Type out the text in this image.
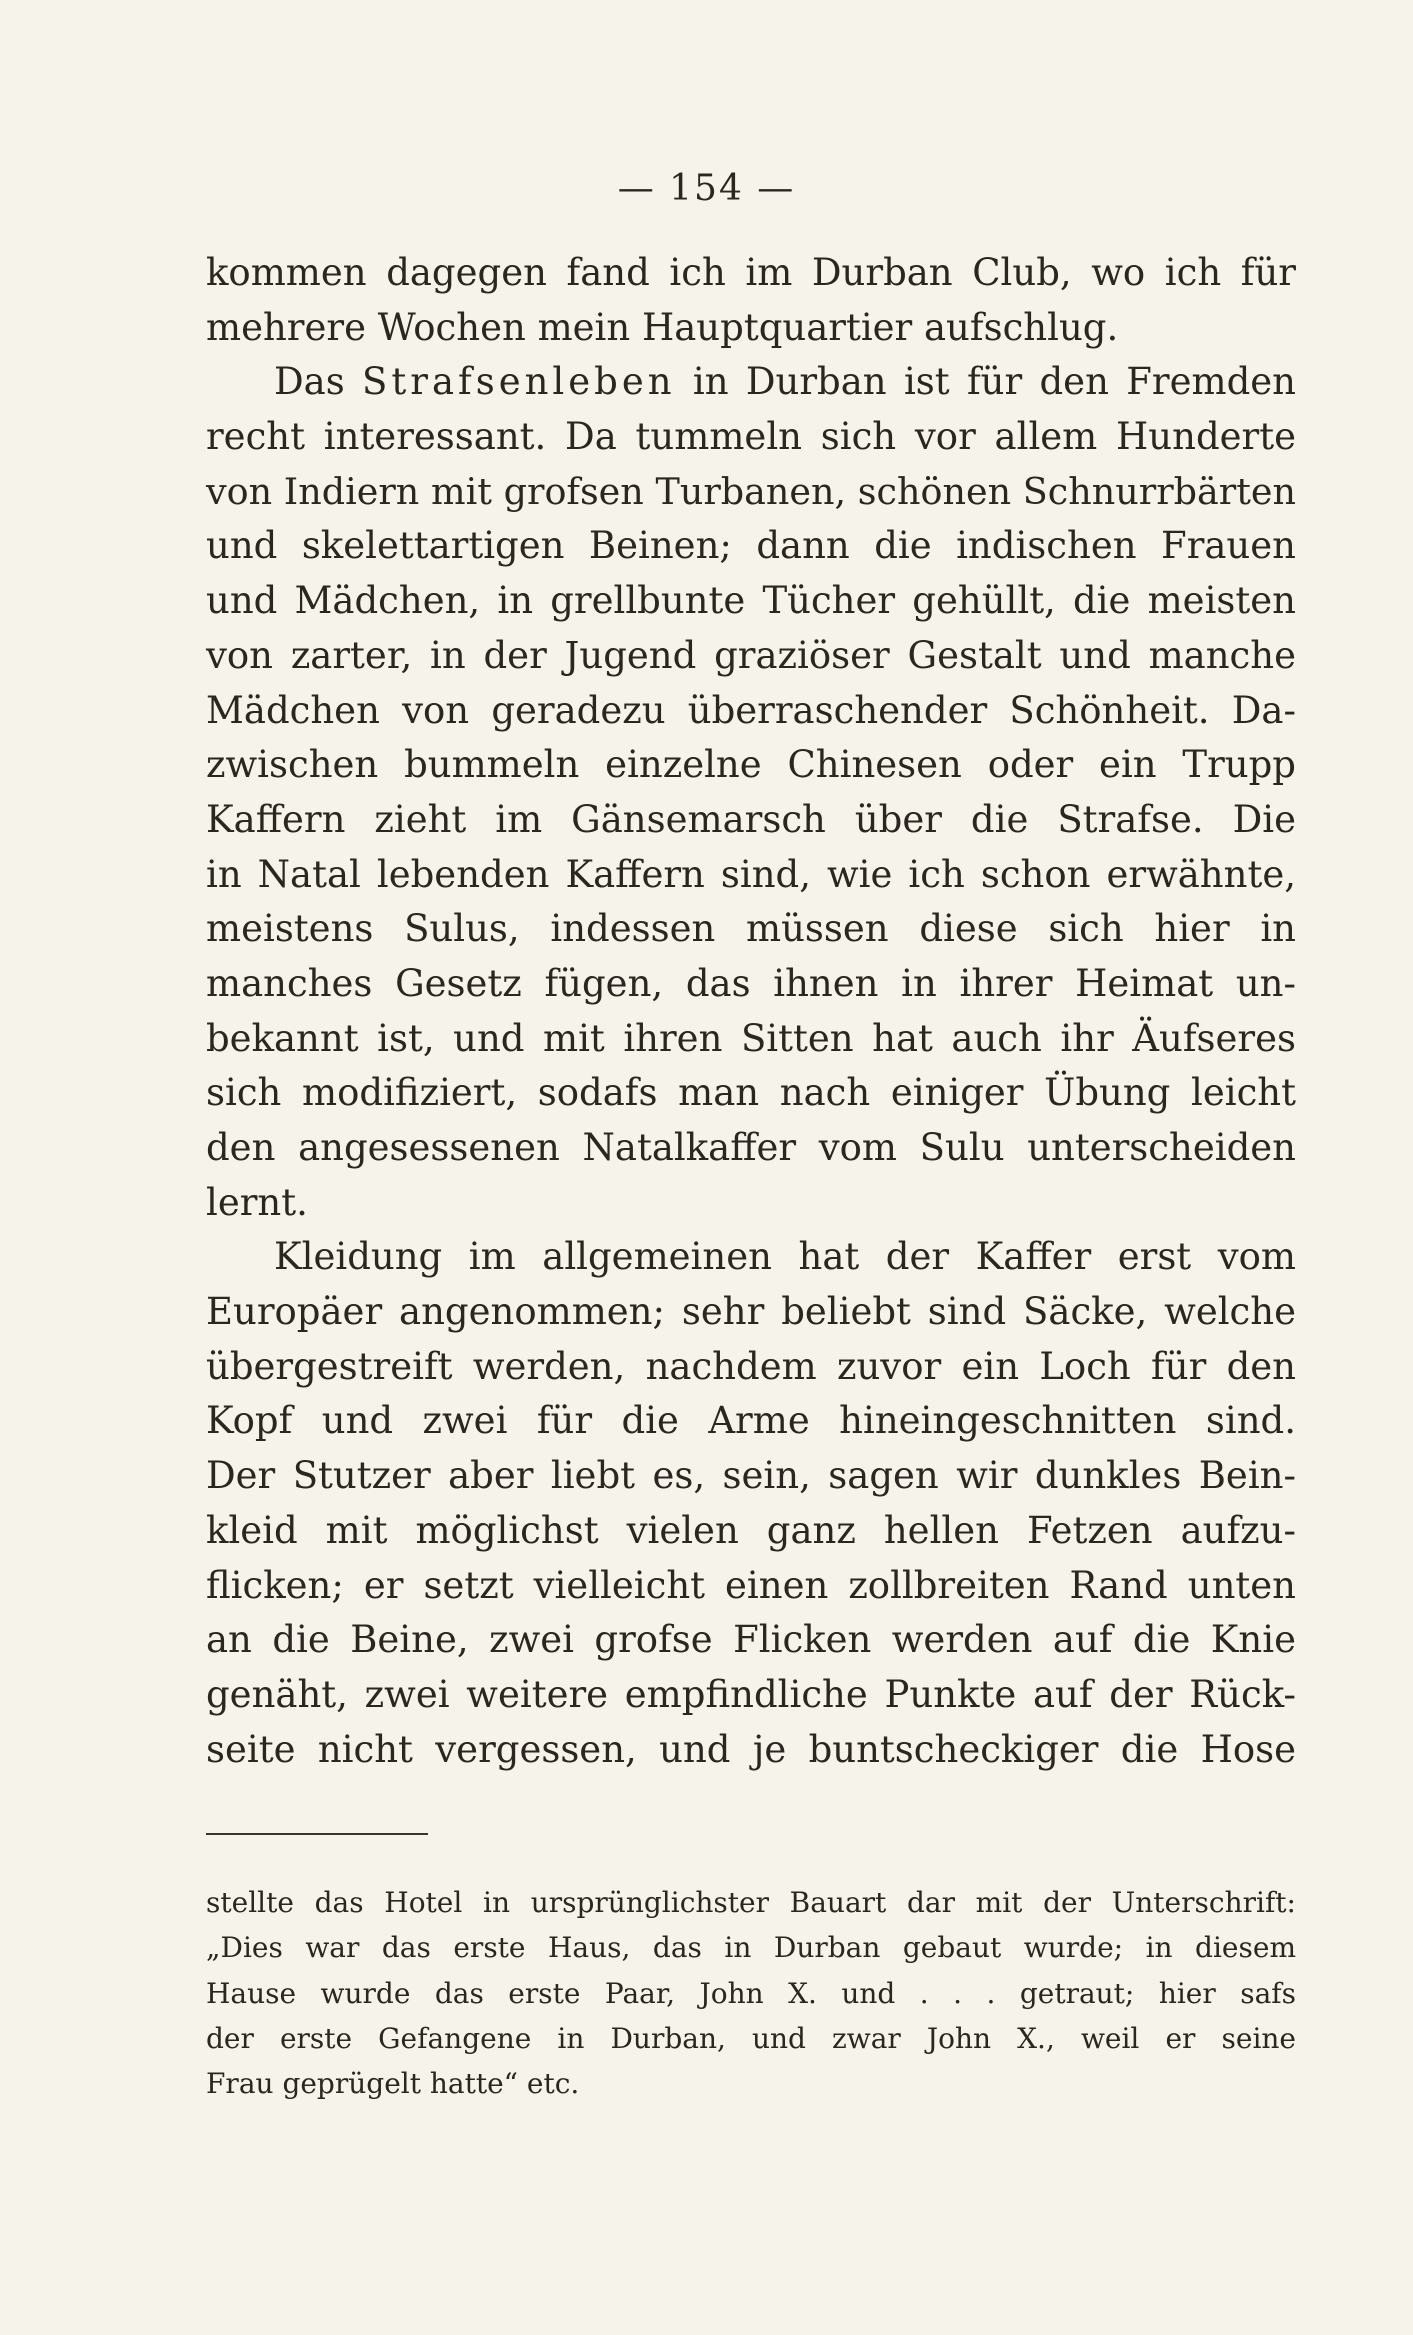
— 154 —
kommen dagegen fand ich im Durban Club, wo ich für
mehrere Wochen mein Hauptquartier aufschlug.
Das Strafsenleben in Durban ist für den Fremden
recht interessant. Da tummeln sich vor allem Hunderte
von Indiern mit grofsen Turbanen, schönen Schnurrbärten
und skelettartigen Beinen; dann die indischen Frauen
und Mädchen, in grellbunte Tücher gehüllt, die meisten
von zarter, in der Jugend graziöser Gestalt und manche
Mädchen von geradezu überraschender Schönheit. Da-
zwischen bummeln einzelne Chinesen oder ein Trupp
Kaffern zieht im Gänsemarsch über die Strafse. Die
in Natal lebenden Kaffern sind, wie ich schon erwähnte,
meistens Sulus, indessen müssen diese sich hier in
manches Gesetz fügen, das ihnen in ihrer Heimat un-
bekannt ist, und mit ihren Sitten hat auch ihr Äufseres
sich modifiziert, sodafs man nach einiger Übung leicht
den angesessenen Natalkaffer vom Sulu unterscheiden
lernt.
Kleidung im allgemeinen hat der Kaffer erst vom
Europäer angenommen; sehr beliebt sind Säcke, welche
übergestreift werden, nachdem zuvor ein Loch für den
Kopf und zwei für die Arme hineingeschnitten sind.
Der Stutzer aber liebt es, sein, sagen wir dunkles Bein-
kleid mit möglichst vielen ganz hellen Fetzen aufzu-
flicken; er setzt vielleicht einen zollbreiten Rand unten
an die Beine, zwei grofse Flicken werden auf die Knie
genäht, zwei weitere empfindliche Punkte auf der Rück-
seite nicht vergessen, und je buntscheckiger die Hose
stellte das Hotel in ursprünglichster Bauart dar mit der Unterschrift:
„Dies war das erste Haus, das in Durban gebaut wurde; in diesem
Hause wurde das erste Paar, John X. und . . . getraut; hier safs
der erste Gefangene in Durban, und zwar John X., weil er seine
Frau geprügelt hatte“ etc.
